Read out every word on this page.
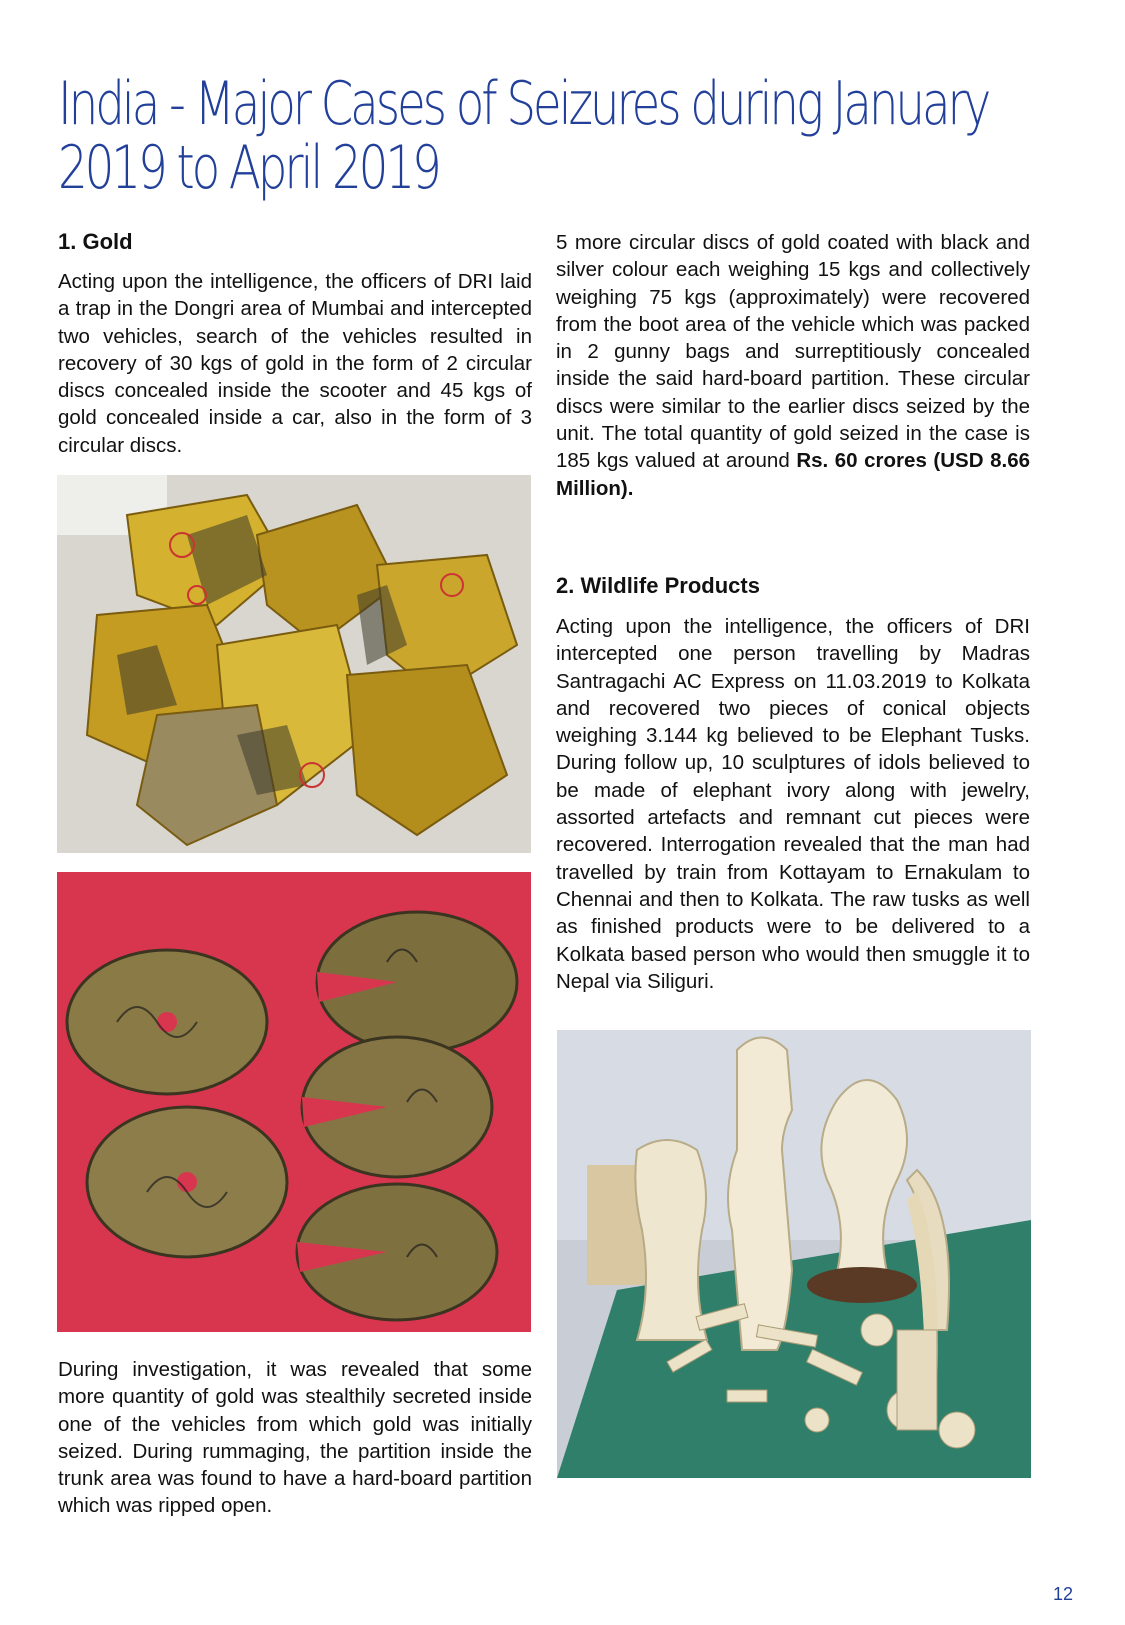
India - Major Cases of Seizures during January 2019 to April 2019
1. Gold
Acting upon the intelligence, the officers of DRI laid a trap in the Dongri area of Mumbai and intercepted two vehicles, search of the vehicles resulted in recovery of 30 kgs of gold in the form of 2 circular discs concealed inside the scooter and 45 kgs of gold concealed inside a car, also in the form of 3 circular discs.
During investigation, it was revealed that some more quantity of gold was stealthily secreted inside one of the vehicles from which gold was initially seized. During rummaging, the partition inside the trunk area was found to have a hard-board partition which was ripped open.
5 more circular discs of gold coated with black and silver colour each weighing 15 kgs and collectively weighing 75 kgs (approximately) were recovered from the boot area of the vehicle which was packed in 2 gunny bags and surreptitiously concealed inside the said hard-board partition. These circular discs were similar to the earlier discs seized by the unit. The total quantity of gold seized in the case is 185 kgs valued at around Rs. 60 crores (USD 8.66 Million).
2. Wildlife Products
Acting upon the intelligence, the officers of DRI intercepted one person travelling by Madras Santragachi AC Express on 11.03.2019 to Kolkata and recovered two pieces of conical objects weighing 3.144 kg believed to be Elephant Tusks. During follow up, 10 sculptures of idols believed to be made of elephant ivory along with jewelry, assorted artefacts and remnant cut pieces were recovered. Interrogation revealed that the man had travelled by train from Kottayam to Ernakulam to Chennai and then to Kolkata. The raw tusks as well as finished products were to be delivered to a Kolkata based person who would then smuggle it to Nepal via Siliguri.
12
